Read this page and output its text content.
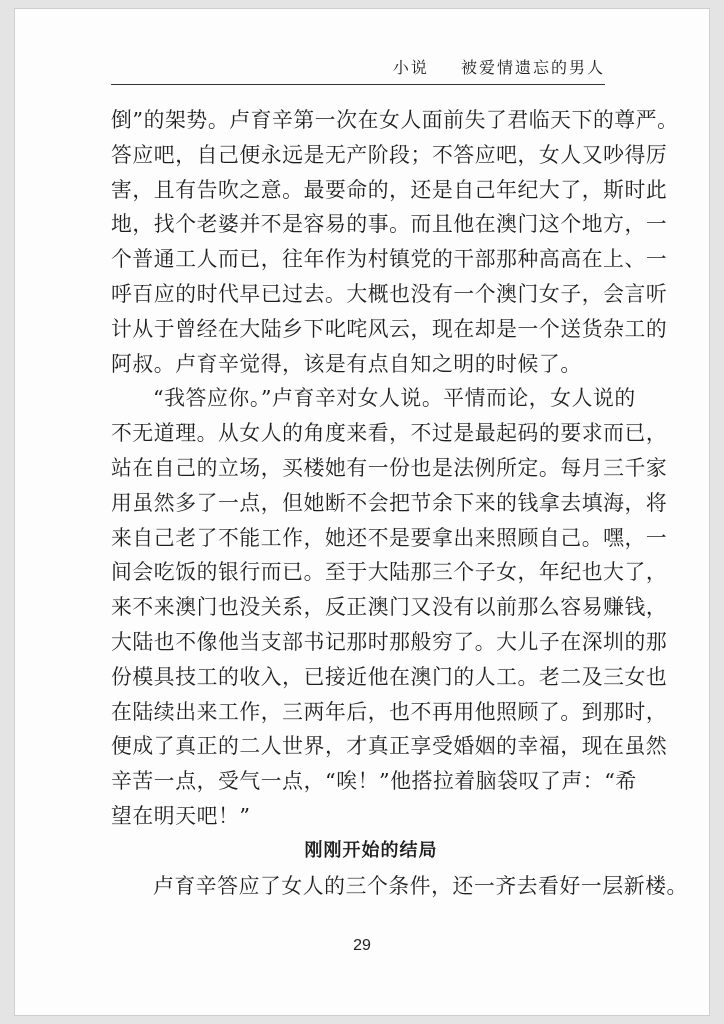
小说　  被爱情遗忘的男人
倒”的架势。卢育辛第一次在女人面前失了君临天下的尊严。
答应吧，自己便永远是无产阶段；不答应吧，女人又吵得厉
害，且有告吹之意。最要命的，还是自己年纪大了，斯时此
地，找个老婆并不是容易的事。而且他在澳门这个地方，一
个普通工人而已，往年作为村镇党的干部那种高高在上、一
呼百应的时代早已过去。大概也没有一个澳门女子，会言听
计从于曾经在大陆乡下叱咤风云，现在却是一个送货杂工的
阿叔。卢育辛觉得，该是有点自知之明的时候了。
“我答应你。”卢育辛对女人说。平情而论，女人说的
不无道理。从女人的角度来看，不过是最起码的要求而已，
站在自己的立场，买楼她有一份也是法例所定。每月三千家
用虽然多了一点，但她断不会把节余下来的钱拿去填海，将
来自己老了不能工作，她还不是要拿出来照顾自己。嘿，一
间会吃饭的银行而已。至于大陆那三个子女，年纪也大了，
来不来澳门也没关系，反正澳门又没有以前那么容易赚钱，
大陆也不像他当支部书记那时那般穷了。大儿子在深圳的那
份模具技工的收入，已接近他在澳门的人工。老二及三女也
在陆续出来工作，三两年后，也不再用他照顾了。到那时，
便成了真正的二人世界，才真正享受婚姻的幸福，现在虽然
辛苦一点，受气一点，“唉！”他搭拉着脑袋叹了声：“希
望在明天吧！”
刚刚开始的结局
卢育辛答应了女人的三个条件，还一齐去看好一层新楼。
29
